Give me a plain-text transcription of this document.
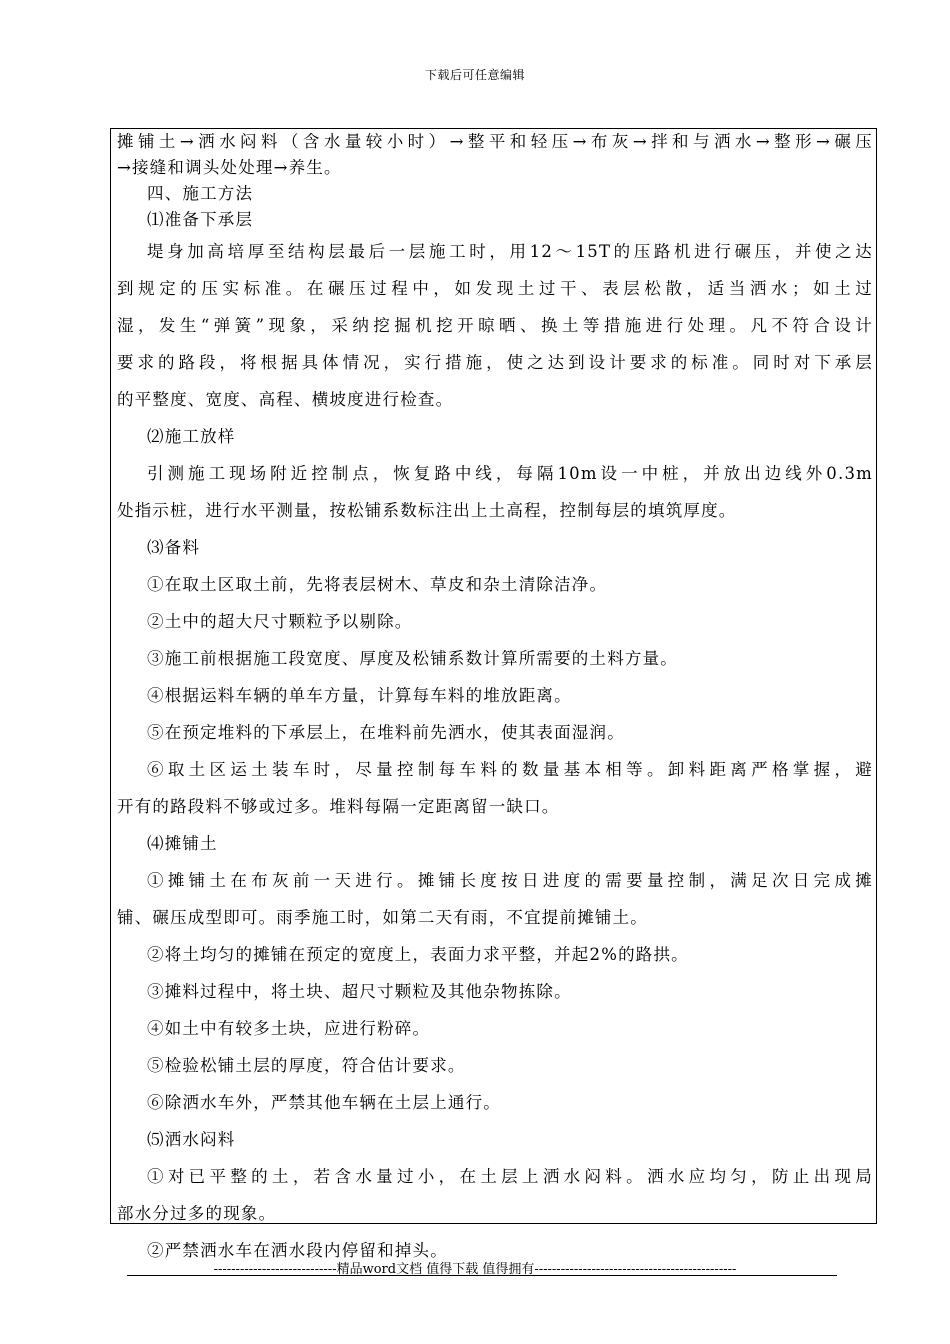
下载后可任意编辑
摊铺土→洒水闷料（含水量较小时）→整平和轻压→布灰→拌和与洒水→整形→碾压
→接缝和调头处处理→养生。
四、施工方法
⑴准备下承层
堤身加高培厚至结构层最后一层施工时，用12～15T的压路机进行碾压，并使之达
到规定的压实标准。在碾压过程中，如发现土过干、表层松散，适当洒水；如土过
湿，发生“弹簧”现象，采纳挖掘机挖开晾晒、换土等措施进行处理。凡不符合设计
要求的路段，将根据具体情况，实行措施，使之达到设计要求的标准。同时对下承层
的平整度、宽度、高程、横坡度进行检查。
⑵施工放样
引测施工现场附近控制点，恢复路中线，每隔10m设一中桩，并放出边线外0.3m
处指示桩，进行水平测量，按松铺系数标注出上土高程，控制每层的填筑厚度。
⑶备料
①在取土区取土前，先将表层树木、草皮和杂土清除洁净。
②土中的超大尺寸颗粒予以剔除。
③施工前根据施工段宽度、厚度及松铺系数计算所需要的土料方量。
④根据运料车辆的单车方量，计算每车料的堆放距离。
⑤在预定堆料的下承层上，在堆料前先洒水，使其表面湿润。
⑥取土区运土装车时，尽量控制每车料的数量基本相等。卸料距离严格掌握，避
开有的路段料不够或过多。堆料每隔一定距离留一缺口。
⑷摊铺土
①摊铺土在布灰前一天进行。摊铺长度按日进度的需要量控制，满足次日完成摊
铺、碾压成型即可。雨季施工时，如第二天有雨，不宜提前摊铺土。
②将土均匀的摊铺在预定的宽度上，表面力求平整，并起2%的路拱。
③摊料过程中，将土块、超尺寸颗粒及其他杂物拣除。
④如土中有较多土块，应进行粉碎。
⑤检验松铺土层的厚度，符合估计要求。
⑥除洒水车外，严禁其他车辆在土层上通行。
⑸洒水闷料
①对已平整的土，若含水量过小，在土层上洒水闷料。洒水应均匀，防止出现局
部水分过多的现象。
②严禁洒水车在洒水段内停留和掉头。
----------------------------精品word文档 值得下载 值得拥有----------------------------------------------
